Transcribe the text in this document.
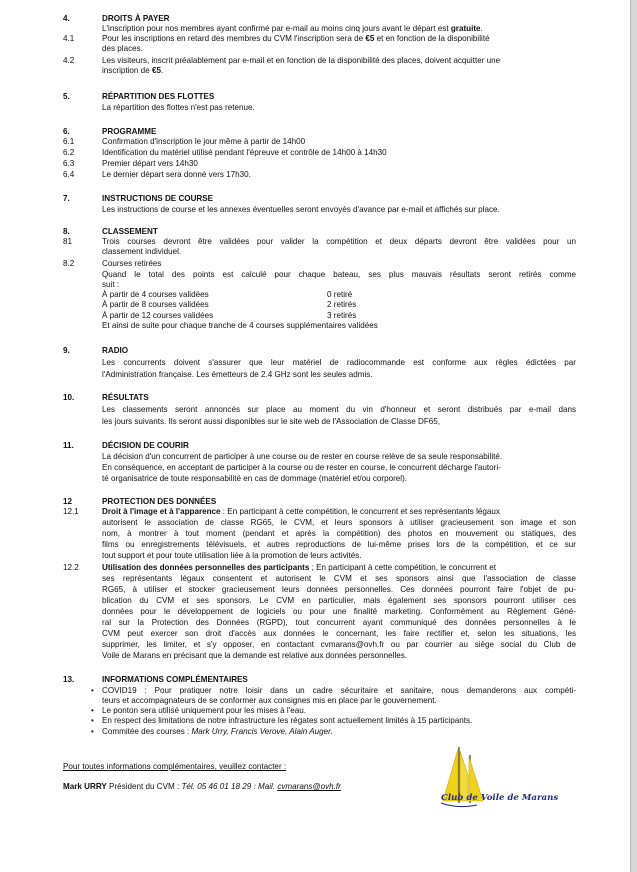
4.	DROITS À PAYER
L'inscription pour nos membres ayant confirmé par e-mail au moins cinq jours avant le départ est gratuite.
4.1	Pour les inscriptions en retard des membres du CVM l'inscription sera de €5 et en fonction de la disponibilité
des places.
4.2	Les visiteurs, inscrit préalablement par e-mail et en fonction de la disponibilité des places, doivent acquitter une
inscription de €5.
5.	RÉPARTITION DES FLOTTES
La répartition des flottes n'est pas retenue.
6.	PROGRAMME
6.1	Confirmation d'inscription le jour même à partir de 14h00
6.2	Identification du matériel utilisé pendant l'épreuve et contrôle de 14h00 à 14h30
6.3	Premier départ vers 14h30
6.4	Le dernier départ sera donné vers 17h30.
7.	INSTRUCTIONS DE COURSE
Les instructions de course et les annexes éventuelles seront envoyés d'avance par e-mail et affichés sur place.
8.	CLASSEMENT
81	Trois courses devront être validées pour valider la compétition et deux départs devront être validées pour un
classement individuel.
8.2	Courses retirées
Quand le total des points est calculé pour chaque bateau, ses plus mauvais résultats seront retirés comme
suit :
À partir de 4 courses validées	0 retiré
À partir de 8 courses validées	2 retirés
À partir de 12 courses validées	3 retirés
Et ainsi de suite pour chaque tranche de 4 courses supplémentaires validées
9.	RADIO
Les concurrents doivent s'assurer que leur matériel de radiocommande est conforme aux règles édictées par
l'Administration française. Les émetteurs de 2.4 GHz sont les seules admis.
10.	RÉSULTATS
Les classements seront annoncés sur place au moment du vin d'honneur et seront distribués par e-mail dans
les jours suivants. Ils seront aussi disponibles sur le site web de l'Association de Classe DF65,
11.	DÉCISION DE COURIR
La décision d'un concurrent de participer à une course ou de rester en course relève de sa seule responsabilité.
En conséquence, en acceptant de participer à la course ou de rester en course, le concurrent décharge l'autori-
té organisatrice de toute responsabilité en cas de dommage (matériel et/ou corporel).
12	PROTECTION DES DONNÉES
12.1	Droit à l'image et à l'apparence : En participant à cette compétition, le concurrent et ses représentants légaux
autorisent le association de classe RG65, le CVM, et leurs sponsors à utiliser gracieusement son image et son
nom, à montrer à tout moment (pendant et après la compétition) des photos en mouvement ou statiques, des
films ou enregistrements télévisuels, et autres reproductions de lui-même prises lors de la compétition, et ce sur
tout support et pour toute utilisation liée à la promotion de leurs activités.
12.2	Utilisation des données personnelles des participants ; En participant à cette compétition, le concurrent et
ses représentants légaux consentent et autorisent le CVM et ses sponsors ainsi que l'association de classe
RG65, à utiliser et stocker gracieusement leurs données personnelles. Ces données pourront faire l'objet de pu-
blication du CVM et ses sponsors. Le CVM en particulier, mais également ses sponsors pourront utiliser ces
données pour le développement de logiciels ou pour une finalité marketing. Conformément au Règlement Géné-
ral sur la Protection des Données (RGPD), tout concurrent ayant communiqué des données personnelles à le
CVM peut exercer son droit d'accès aux données le concernant, les faire rectifier et, selon les situations, les
supprimer, les limiter, et s'y opposer, en contactant cvmarans@ovh.fr ou par courrier au siège social du Club de
Voile de Marans en précisant que la demande est relative aux données personnelles.
13.	INFORMATIONS COMPLÉMENTAIRES
• COVID19 : Pour pratiquer notre loisir dans un cadre sécuritaire et sanitaire, nous demanderons aux compéti-
teurs et accompagnateurs de se conformer aux consignes mis en place par le gouvernement.
• Le ponton sera utilisé uniquement pour les mises à l'eau.
• En respect des limitations de notre infrastructure les régates sont actuellement limités à 15 participants.
• Commitée des courses : Mark Urry, Francis Verove, Alain Auger.
Pour toutes informations complémentaires, veuillez contacter :
Mark URRY Président du CVM : Tél. 05 46 01 18 29 : Mail. cvmarans@ovh.fr
Club de Voile de Marans
